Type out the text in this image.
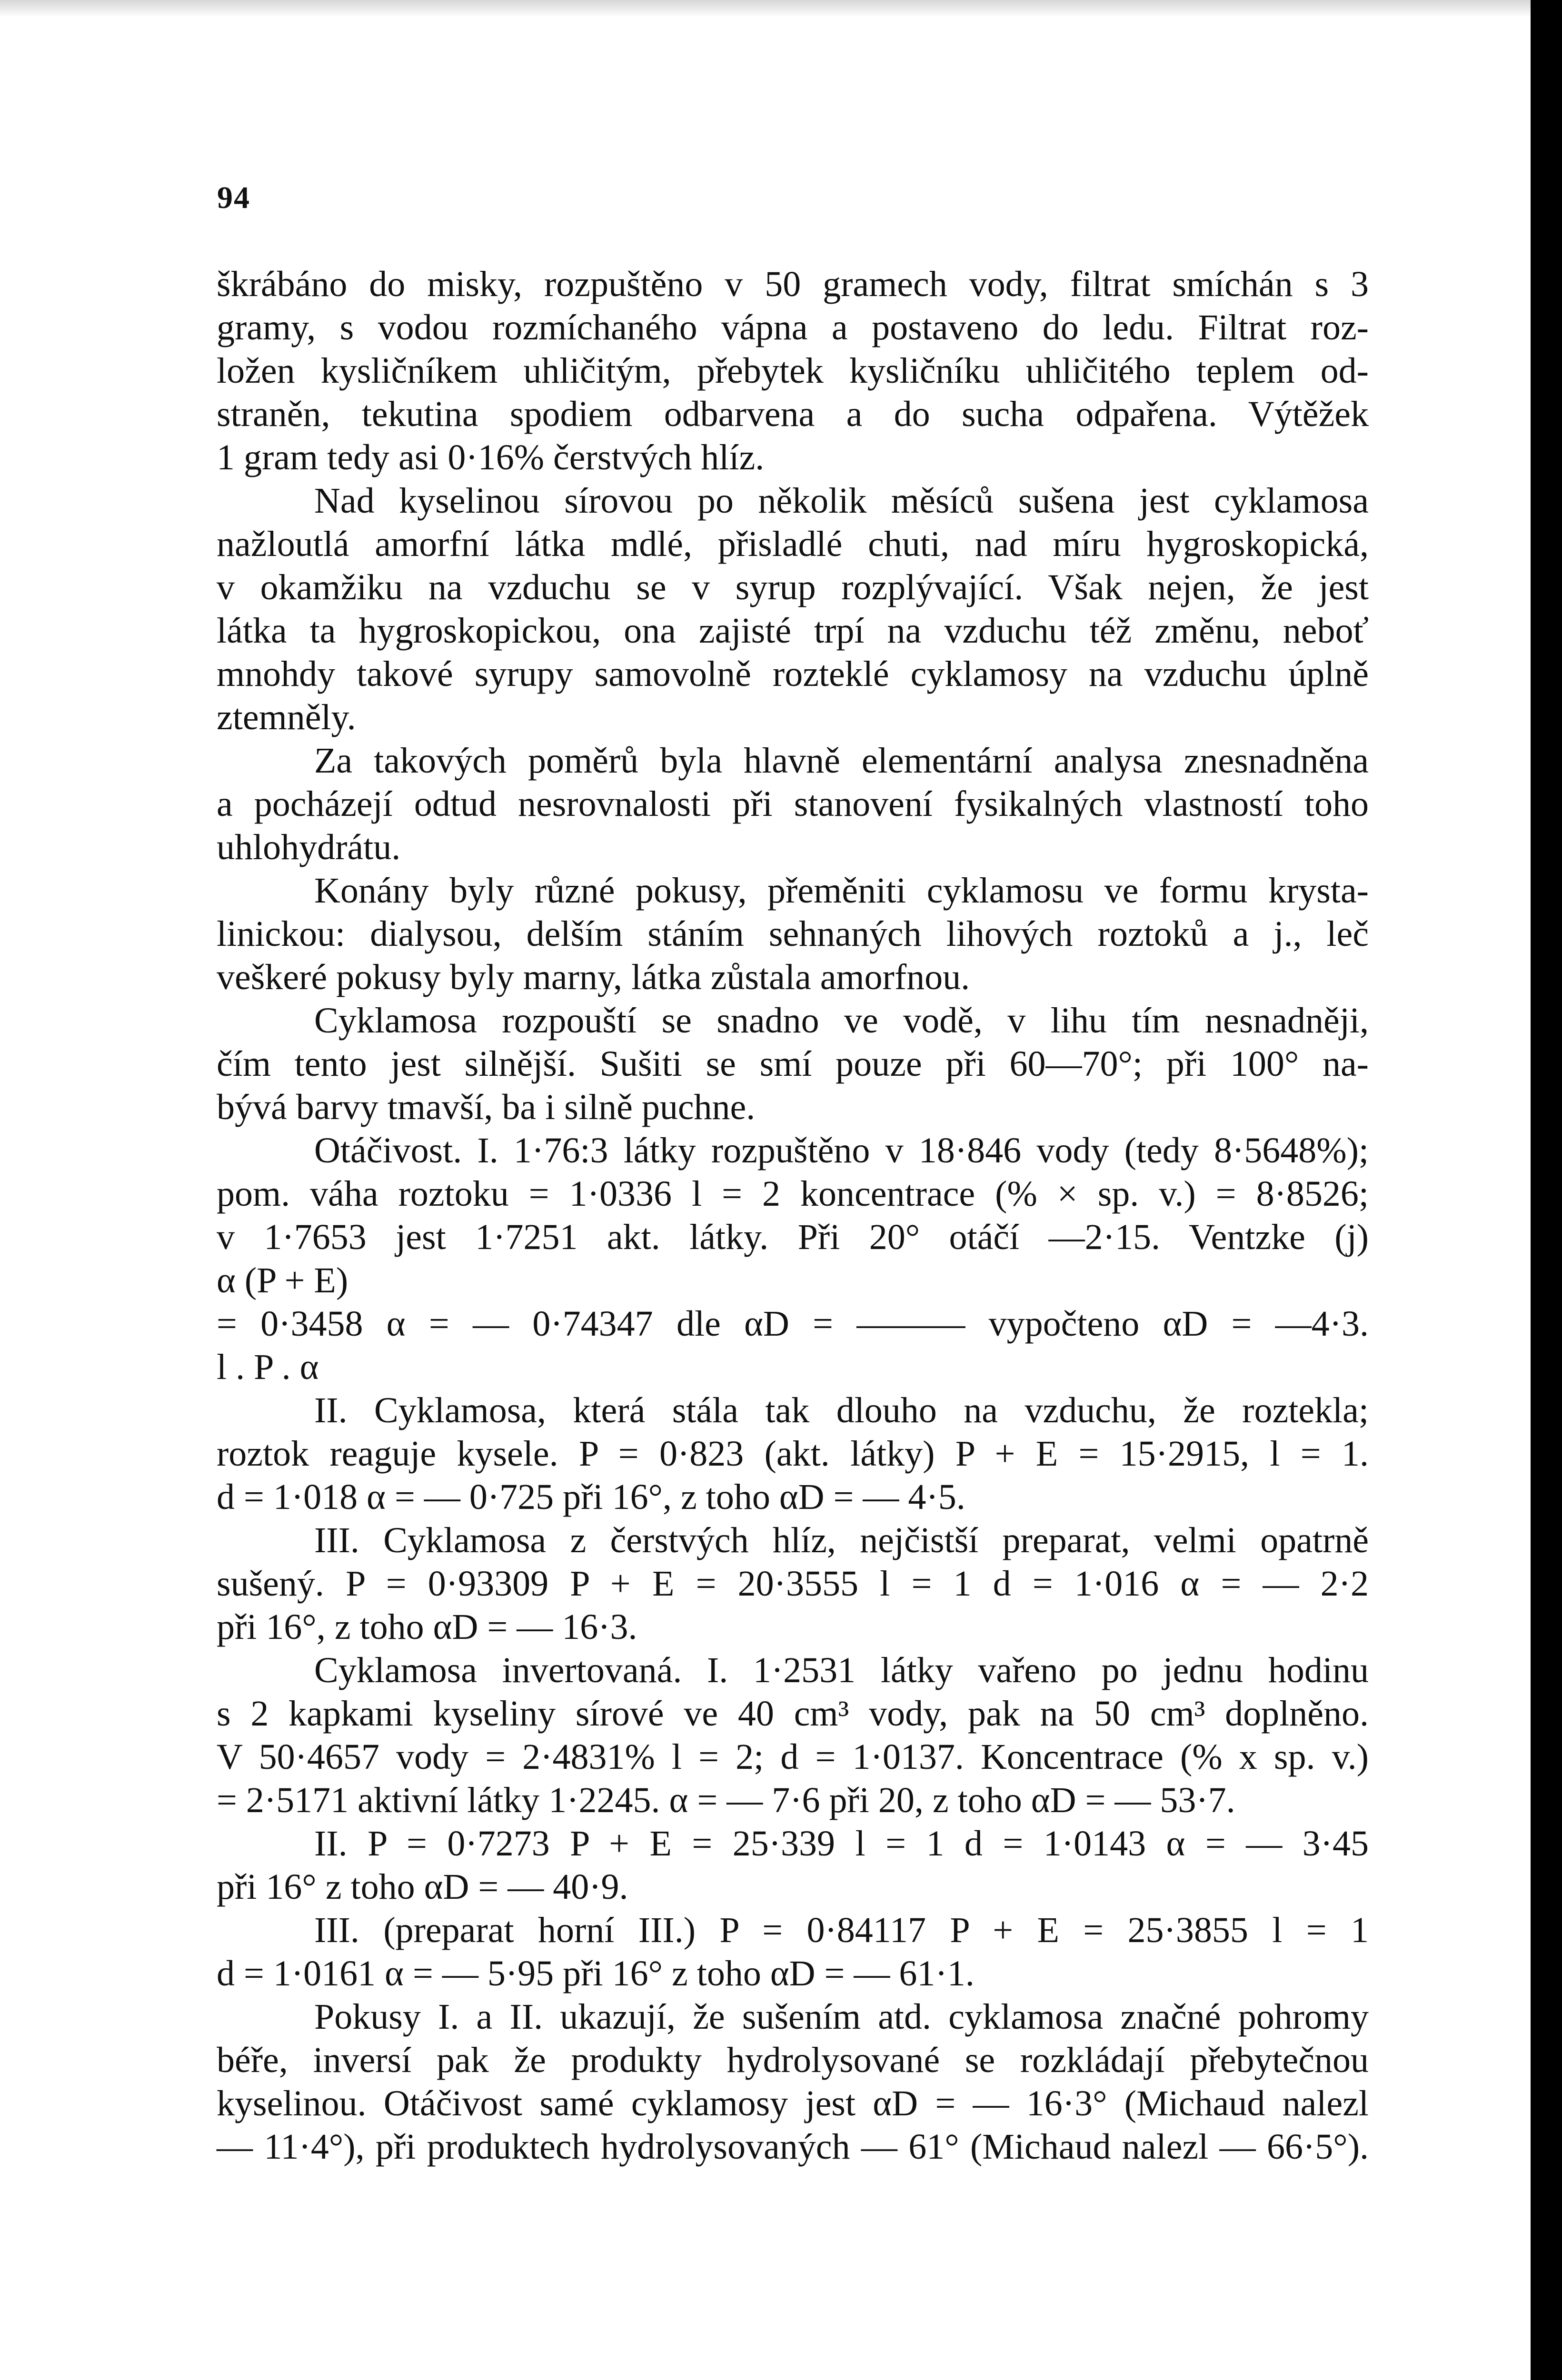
94

škrábáno do misky, rozpuštěno v 50 gramech vody, filtrat smíchán s 3

gramy, s vodou rozmíchaného vápna a postaveno do ledu. Filtrat roz-

ložen kysličníkem uhličitým, přebytek kysličníku uhličitého teplem od-

straněn, tekutina spodiem odbarvena a do sucha odpařena. Výtěžek

1 gram tedy asi 0·16% čerstvých hlíz.

Nad kyselinou sírovou po několik měsíců sušena jest cyklamosa

nažloutlá amorfní látka mdlé, přisladlé chuti, nad míru hygroskopická,

v okamžiku na vzduchu se v syrup rozplývající. Však nejen, že jest

látka ta hygroskopickou, ona zajisté trpí na vzduchu též změnu, neboť

mnohdy takové syrupy samovolně rozteklé cyklamosy na vzduchu úplně

ztemněly.

Za takových poměrů byla hlavně elementární analysa znesnadněna

a pocházejí odtud nesrovnalosti při stanovení fysikalných vlastností toho

uhlohydrátu.

Konány byly různé pokusy, přeměniti cyklamosu ve formu krysta-

linickou: dialysou, delším stáním sehnaných lihových roztoků a j., leč

veškeré pokusy byly marny, látka zůstala amorfnou.

Cyklamosa rozpouští se snadno ve vodě, v lihu tím nesnadněji,

čím tento jest silnější. Sušiti se smí pouze při 60—70°; při 100° na-

bývá barvy tmavší, ba i silně puchne.

Otáčivost. I. 1·76:3 látky rozpuštěno v 18·846 vody (tedy 8·5648%);

pom. váha roztoku = 1·0336 l = 2 koncentrace (% × sp. v.) = 8·8526;

v 1·7653 jest 1·7251 akt. látky. Při 20° otáčí —2·15. Ventzke (j)

α (P + E)

= 0·3458 α = — 0·74347 dle αD = ——— vypočteno αD = —4·3.

l . P . α

II. Cyklamosa, která stála tak dlouho na vzduchu, že roztekla;

roztok reaguje kysele. P = 0·823 (akt. látky) P + E = 15·2915, l = 1.

d = 1·018 α = — 0·725 při 16°, z toho αD = — 4·5.

III. Cyklamosa z čerstvých hlíz, nejčistší preparat, velmi opatrně

sušený. P = 0·93309 P + E = 20·3555 l = 1 d = 1·016 α = — 2·2

při 16°, z toho αD = — 16·3.

Cyklamosa invertovaná. I. 1·2531 látky vařeno po jednu hodinu

s 2 kapkami kyseliny sírové ve 40 cm³ vody, pak na 50 cm³ doplněno.

V 50·4657 vody = 2·4831% l = 2; d = 1·0137. Koncentrace (% x sp. v.)

= 2·5171 aktivní látky 1·2245. α = — 7·6 při 20, z toho αD = — 53·7.

II. P = 0·7273 P + E = 25·339 l = 1 d = 1·0143 α = — 3·45

při 16° z toho αD = — 40·9.

III. (preparat horní III.) P = 0·84117 P + E = 25·3855 l = 1

d = 1·0161 α = — 5·95 při 16° z toho αD = — 61·1.

Pokusy I. a II. ukazují, že sušením atd. cyklamosa značné pohromy

béře, inversí pak že produkty hydrolysované se rozkládají přebytečnou

kyselinou. Otáčivost samé cyklamosy jest αD = — 16·3° (Michaud nalezl

— 11·4°), při produktech hydrolysovaných — 61° (Michaud nalezl — 66·5°).
